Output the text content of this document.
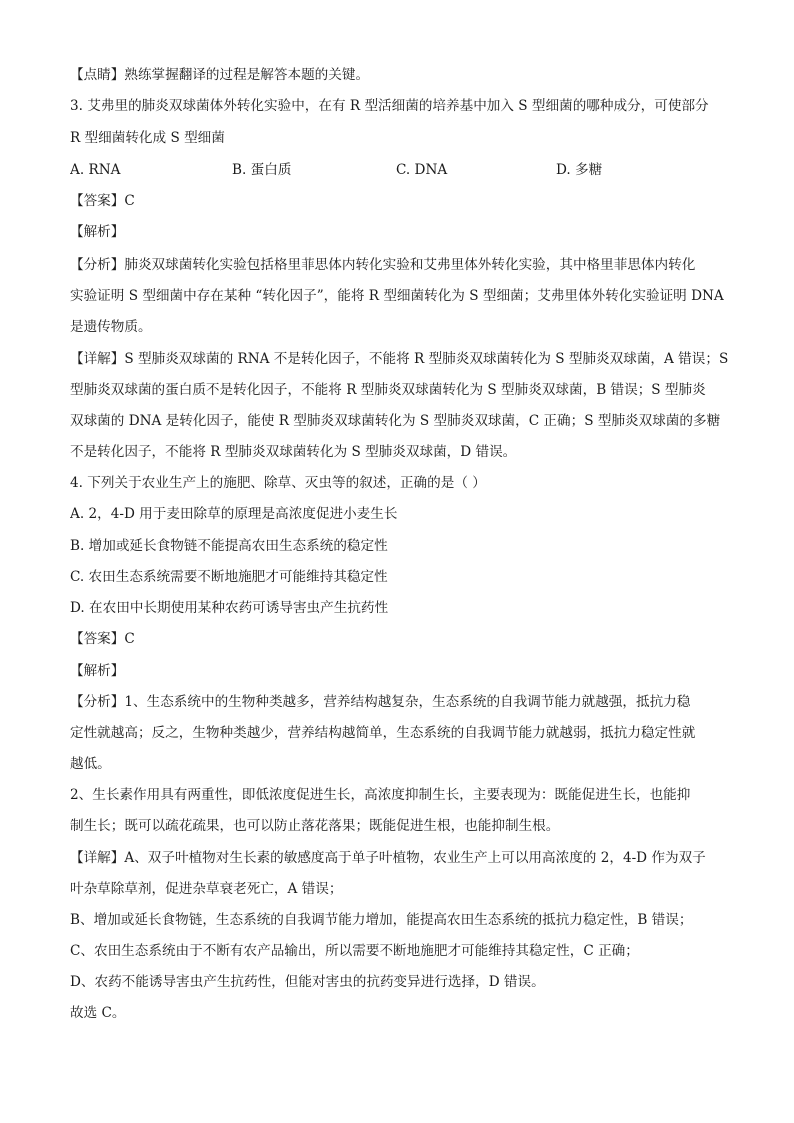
【点睛】熟练掌握翻译的过程是解答本题的关键。
3. 艾弗里的肺炎双球菌体外转化实验中，在有 R 型活细菌的培养基中加入 S 型细菌的哪种成分，可使部分
R 型细菌转化成 S 型细菌
A. RNA	B. 蛋白质	C. DNA	D. 多糖
【答案】C
【解析】
【分析】肺炎双球菌转化实验包括格里菲思体内转化实验和艾弗里体外转化实验，其中格里菲思体内转化
实验证明 S 型细菌中存在某种 “转化因子”，能将 R 型细菌转化为 S 型细菌；艾弗里体外转化实验证明 DNA
是遗传物质。
【详解】S 型肺炎双球菌的 RNA 不是转化因子，不能将 R 型肺炎双球菌转化为 S 型肺炎双球菌，A 错误；S
型肺炎双球菌的蛋白质不是转化因子，不能将 R 型肺炎双球菌转化为 S 型肺炎双球菌，B 错误；S 型肺炎
双球菌的 DNA 是转化因子，能使 R 型肺炎双球菌转化为 S 型肺炎双球菌，C 正确；S 型肺炎双球菌的多糖
不是转化因子，不能将 R 型肺炎双球菌转化为 S 型肺炎双球菌，D 错误。
4. 下列关于农业生产上的施肥、除草、灭虫等的叙述，正确的是（ ）
A. 2，4-D 用于麦田除草的原理是高浓度促进小麦生长
B. 增加或延长食物链不能提高农田生态系统的稳定性
C. 农田生态系统需要不断地施肥才可能维持其稳定性
D. 在农田中长期使用某种农药可诱导害虫产生抗药性
【答案】C
【解析】
【分析】1、生态系统中的生物种类越多，营养结构越复杂，生态系统的自我调节能力就越强，抵抗力稳
定性就越高；反之，生物种类越少，营养结构越简单，生态系统的自我调节能力就越弱，抵抗力稳定性就
越低。
2、生长素作用具有两重性，即低浓度促进生长，高浓度抑制生长，主要表现为：既能促进生长，也能抑
制生长；既可以疏花疏果，也可以防止落花落果；既能促进生根，也能抑制生根。
【详解】A、双子叶植物对生长素的敏感度高于单子叶植物，农业生产上可以用高浓度的 2，4-D 作为双子
叶杂草除草剂，促进杂草衰老死亡，A 错误；
B、增加或延长食物链，生态系统的自我调节能力增加，能提高农田生态系统的抵抗力稳定性，B 错误；
C、农田生态系统由于不断有农产品输出，所以需要不断地施肥才可能维持其稳定性，C 正确；
D、农药不能诱导害虫产生抗药性，但能对害虫的抗药变异进行选择，D 错误。
故选 C。
